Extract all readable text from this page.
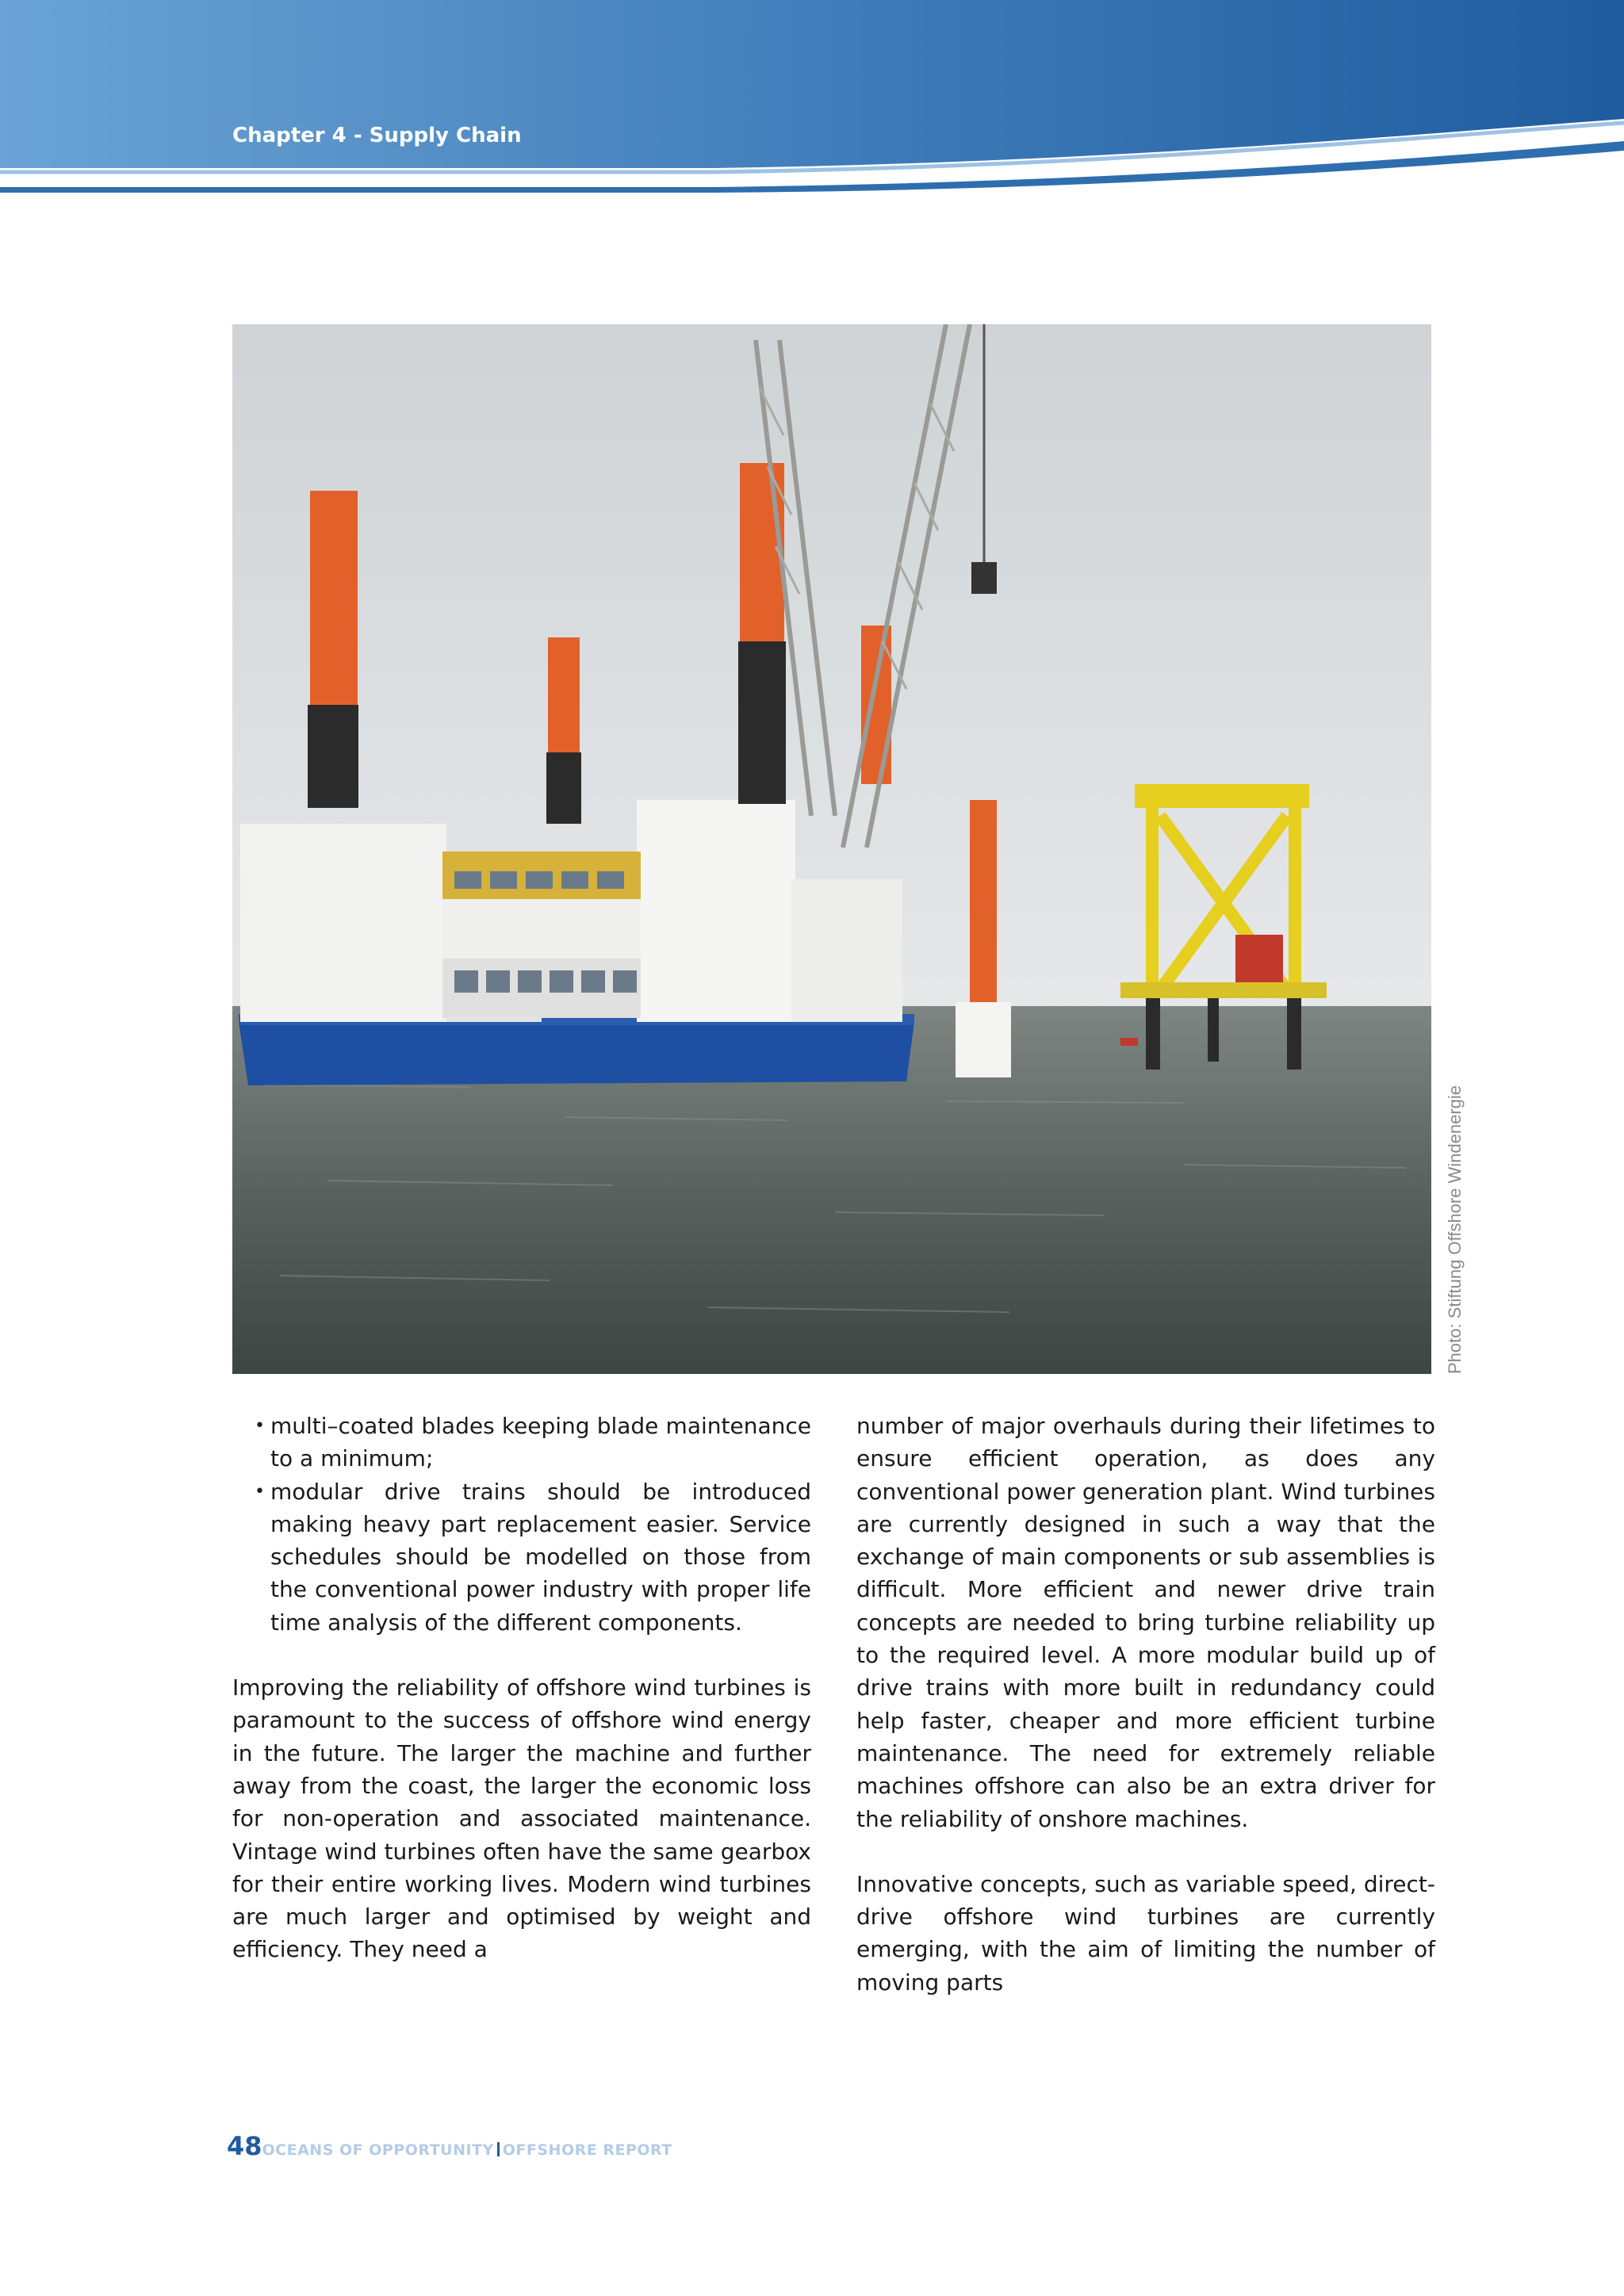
Chapter 4 - Supply Chain
Photo: Stiftung Offshore Windenergie
• multi–coated blades keeping blade maintenance to a minimum;
• modular drive trains should be introduced making heavy part replacement easier. Service schedules should be modelled on those from the conventional power industry with proper life time analysis of the different components.

Improving the reliability of offshore wind turbines is paramount to the success of offshore wind energy in the future. The larger the machine and further away from the coast, the larger the economic loss for non-operation and associated maintenance. Vintage wind turbines often have the same gearbox for their entire working lives. Modern wind turbines are much larger and optimised by weight and efficiency. They need a

number of major overhauls during their lifetimes to ensure efficient operation, as does any conventional power generation plant. Wind turbines are currently designed in such a way that the exchange of main components or sub assemblies is difficult. More efficient and newer drive train concepts are needed to bring turbine reliability up to the required level. A more modular build up of drive trains with more built in redundancy could help faster, cheaper and more efficient turbine maintenance. The need for extremely reliable machines offshore can also be an extra driver for the reliability of onshore machines.

Innovative concepts, such as variable speed, direct-drive offshore wind turbines are currently emerging, with the aim of limiting the number of moving parts

48OCEANS OF OPPORTUNITY OFFSHORE REPORT
